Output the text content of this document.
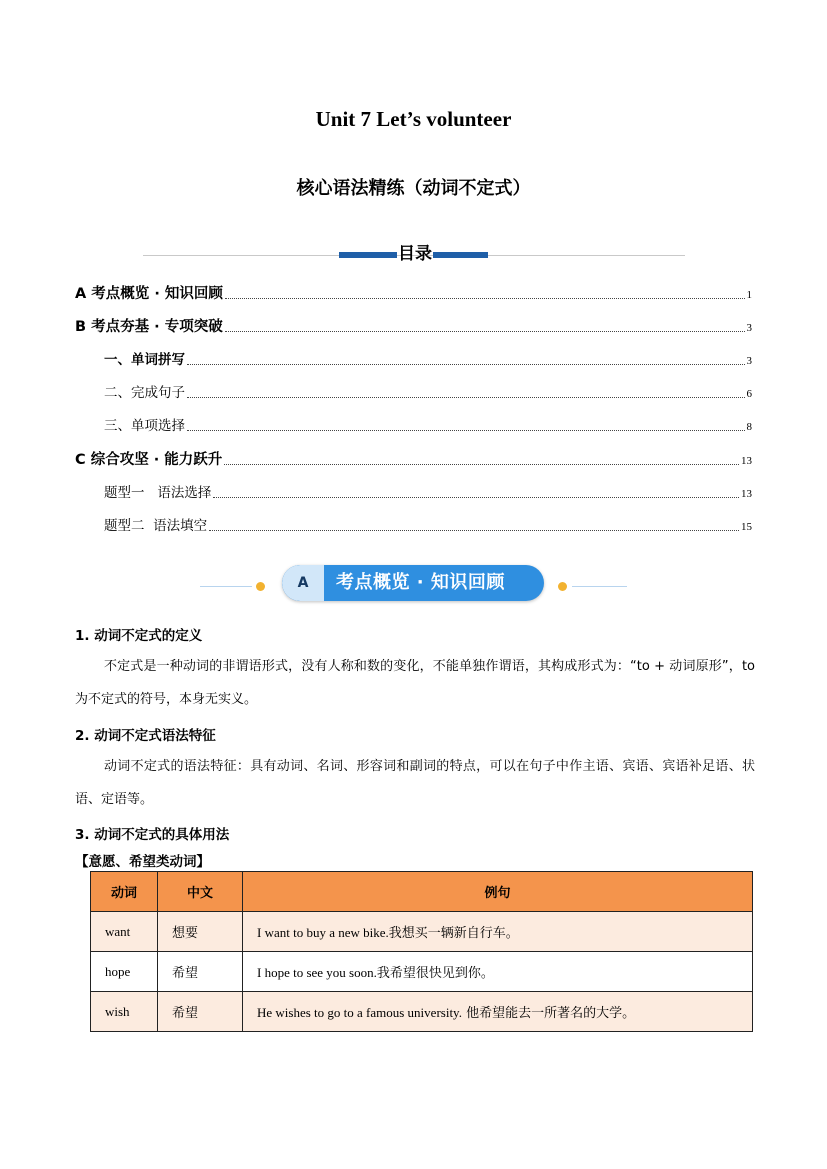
Unit 7 Let’s volunteer
核心语法精练（动词不定式）
目录
A 考点概览 · 知识回顾	1
B 考点夯基 · 专项突破	3
一、单词拼写	3
二、完成句子	6
三、单项选择	8
C 综合攻坚 · 能力跃升	13
题型一   语法选择	13
题型二  语法填空	15
A	考点概览 · 知识回顾
1. 动词不定式的定义
不定式是一种动词的非谓语形式，没有人称和数的变化，不能单独作谓语，其构成形式为：“to + 动词原形”，to 为不定式的符号，本身无实义。
2. 动词不定式语法特征
动词不定式的语法特征：具有动词、名词、形容词和副词的特点，可以在句子中作主语、宾语、宾语补足语、状语、定语等。
3. 动词不定式的具体用法
【意愿、希望类动词】
动词	中文	例句
want	想要	I want to buy a new bike.我想买一辆新自行车。
hope	希望	I hope to see you soon.我希望很快见到你。
wish	希望	He wishes to go to a famous university. 他希望能去一所著名的大学。
